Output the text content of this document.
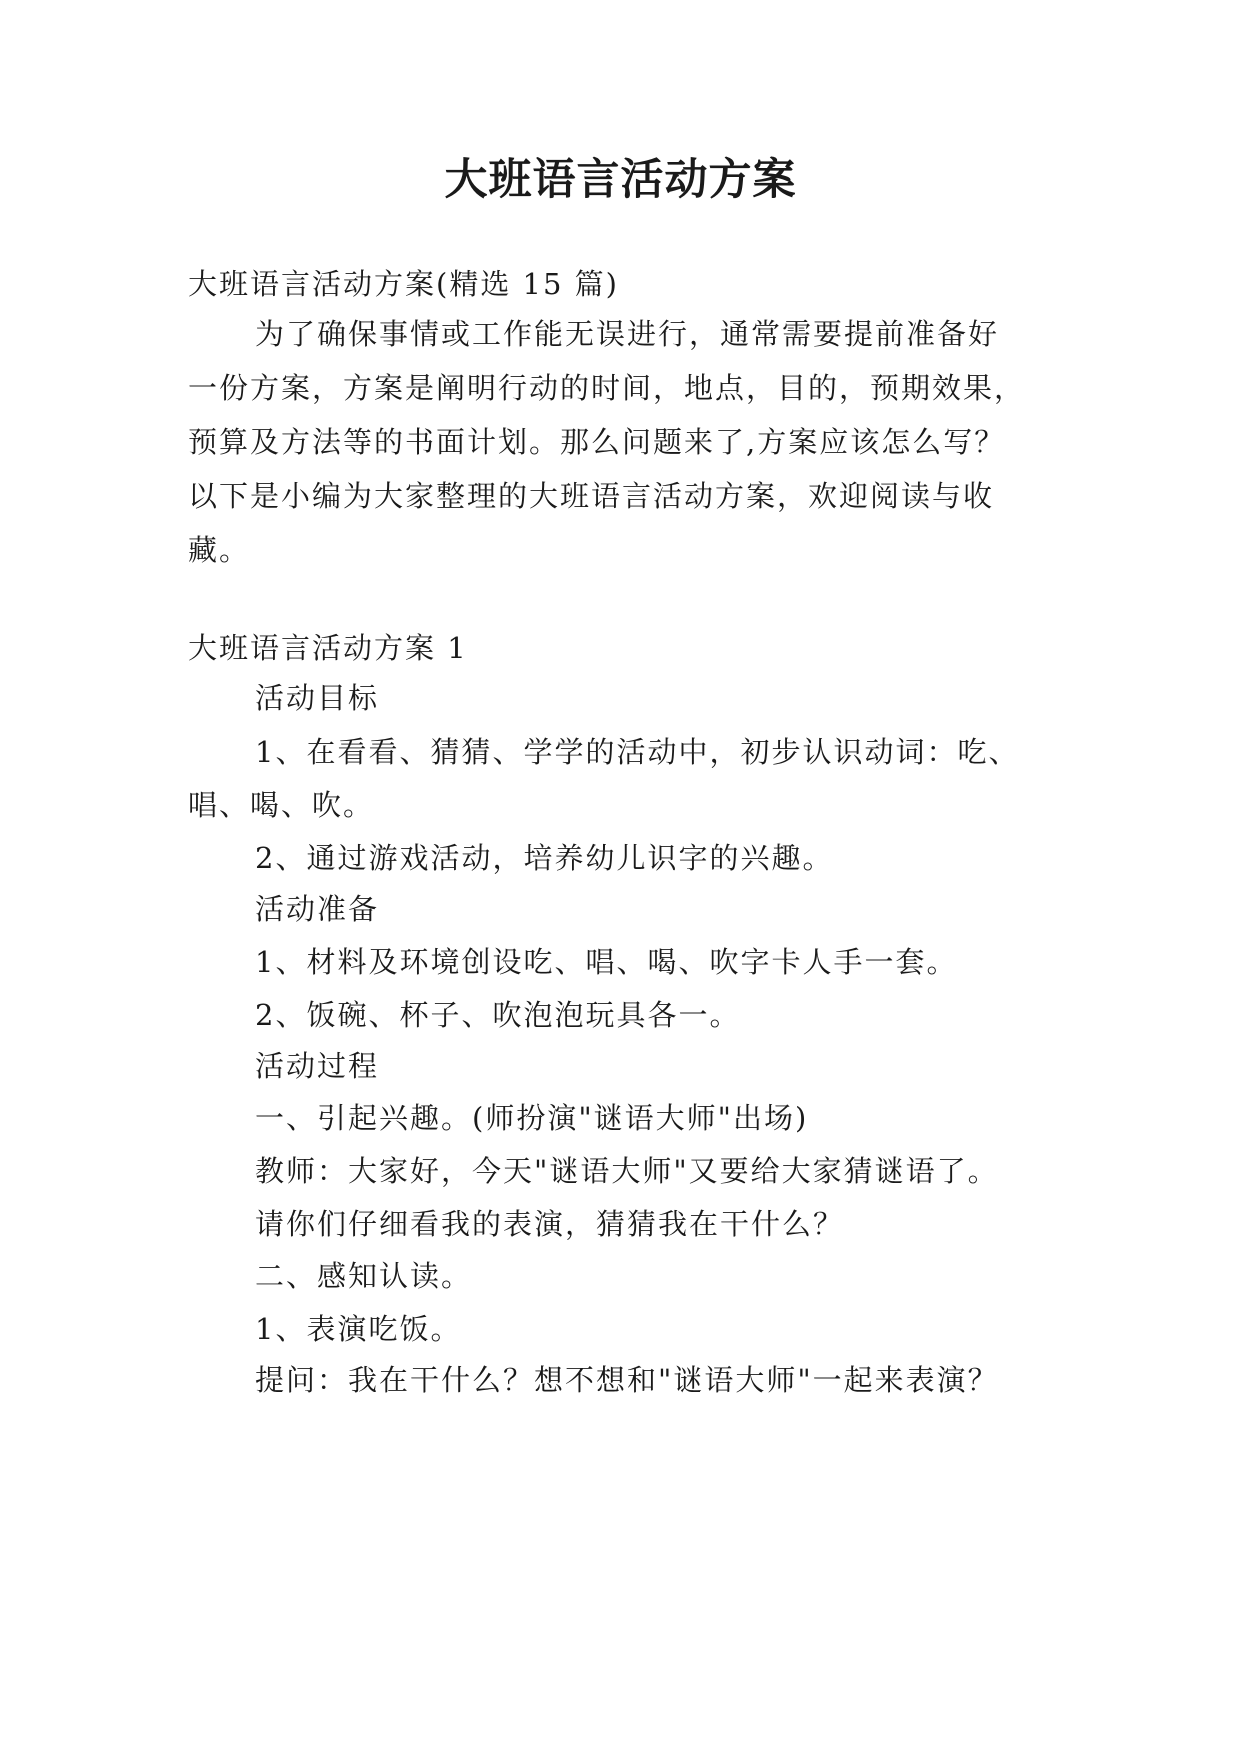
大班语言活动方案

大班语言活动方案(精选 15 篇)

为了确保事情或工作能无误进行，通常需要提前准备好

一份方案，方案是阐明行动的时间，地点，目的，预期效果，

预算及方法等的书面计划。那么问题来了,方案应该怎么写？

以下是小编为大家整理的大班语言活动方案，欢迎阅读与收

藏。

大班语言活动方案 1

活动目标

1、在看看、猜猜、学学的活动中，初步认识动词：吃、

唱、喝、吹。

2、通过游戏活动，培养幼儿识字的兴趣。

活动准备

1、材料及环境创设吃、唱、喝、吹字卡人手一套。

2、饭碗、杯子、吹泡泡玩具各一。

活动过程

一、引起兴趣。(师扮演"谜语大师"出场)

教师：大家好，今天"谜语大师"又要给大家猜谜语了。

请你们仔细看我的表演，猜猜我在干什么？

二、感知认读。

1、表演吃饭。

提问：我在干什么？想不想和"谜语大师"一起来表演？
